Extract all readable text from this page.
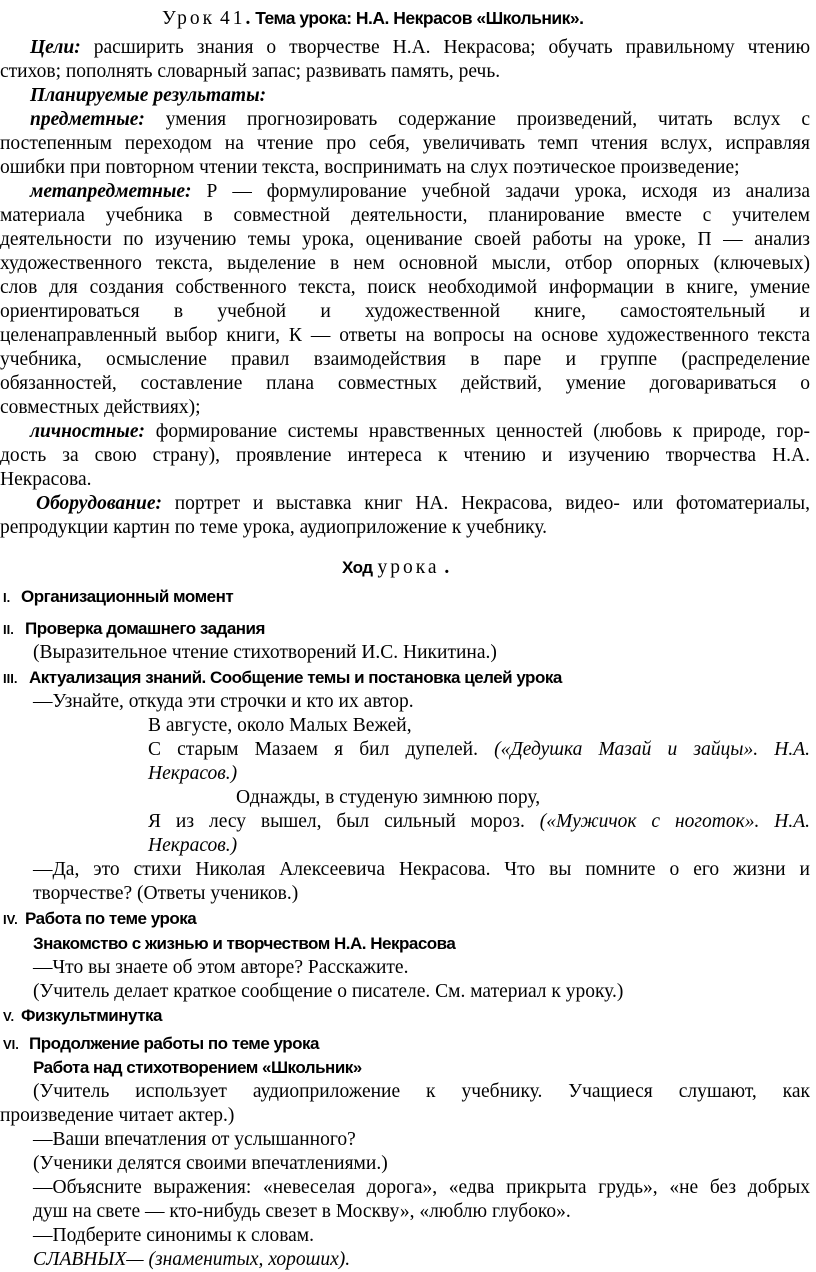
Урок 41. Тема урока: Н.А. Некрасов «Школьник».
Цели: расширить знания о творчестве Н.А. Некрасова; обучать правильному чтению
стихов; пополнять словарный запас; развивать память, речь.
Планируемые результаты:
предметные: умения прогнозировать содержание произведений, читать вслух с
постепенным переходом на чтение про себя, увеличивать темп чтения вслух, исправляя
ошибки при повторном чтении текста, воспринимать на слух поэтическое произведение;
метапредметные: Р — формулирование учебной задачи урока, исходя из анализа
материала учебника в совместной деятельности, планирование вместе с учителем
деятельности по изучению темы урока, оценивание своей работы на уроке, П — анализ
художественного текста, выделение в нем основной мысли, отбор опорных (ключевых)
слов для создания собственного текста, поиск необходимой информации в книге, умение
ориентироваться в учебной и художественной книге, самостоятельный и
целенаправленный выбор книги, К — ответы на вопросы на основе художественного текста
учебника, осмысление правил взаимодействия в паре и группе (распределение
обязанностей, составление плана совместных действий, умение договариваться о
совместных действиях);
личностные: формирование системы нравственных ценностей (любовь к природе, гор-
дость за свою страну), проявление интереса к чтению и изучению творчества Н.А.
Некрасова.
Оборудование: портрет и выставка книг НА. Некрасова, видео- или фотоматериалы,
репродукции картин по теме урока, аудиоприложение к учебнику.
Ход урока .
I. Организационный момент
II. Проверка домашнего задания
(Выразительное чтение стихотворений И.С. Никитина.)
III. Актуализация знаний. Сообщение темы и постановка целей урока
—Узнайте, откуда эти строчки и кто их автор.
В августе, около Малых Вежей,
С старым Мазаем я бил дупелей. («Дедушка Мазай и зайцы». Н.А.
Некрасов.)
Однажды, в студеную зимнюю пору,
Я из лесу вышел, был сильный мороз. («Мужичок с ноготок». Н.А.
Некрасов.)
—Да, это стихи Николая Алексеевича Некрасова. Что вы помните о его жизни и
творчестве? (Ответы учеников.)
IV. Работа по теме урока
Знакомство с жизнью и творчеством Н.А. Некрасова
—Что вы знаете об этом авторе? Расскажите.
(Учитель делает краткое сообщение о писателе. См. материал к уроку.)
V. Физкультминутка
VI. Продолжение работы по теме урока
Работа над стихотворением «Школьник»
(Учитель использует аудиоприложение к учебнику. Учащиеся слушают, как
произведение читает актер.)
—Ваши впечатления от услышанного?
(Ученики делятся своими впечатлениями.)
—Объясните выражения: «невеселая дорога», «едва прикрыта грудь», «не без добрых
душ на свете — кто-нибудь свезет в Москву», «люблю глубоко».
—Подберите синонимы к словам.
СЛАВНЫХ— (знаменитых, хороших).
